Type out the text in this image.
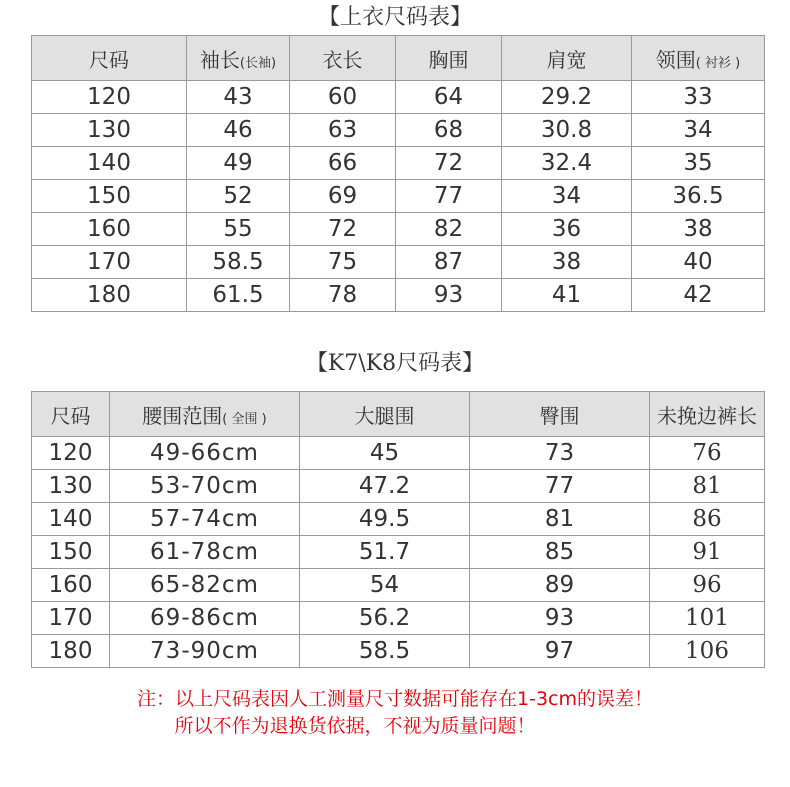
【上衣尺码表】
尺码	袖长(长袖)	衣长	胸围	肩宽	领围( 衬衫 )
120	43	60	64	29.2	33
130	46	63	68	30.8	34
140	49	66	72	32.4	35
150	52	69	77	34	36.5
160	55	72	82	36	38
170	58.5	75	87	38	40
180	61.5	78	93	41	42
【K7\K8尺码表】
尺码	腰围范围( 全围 )	大腿围	臀围	未挽边裤长
120	49-66cm	45	73	76
130	53-70cm	47.2	77	81
140	57-74cm	49.5	81	86
150	61-78cm	51.7	85	91
160	65-82cm	54	89	96
170	69-86cm	56.2	93	101
180	73-90cm	58.5	97	106
注：以上尺码表因人工测量尺寸数据可能存在1-3cm的误差！
所以不作为退换货依据，不视为质量问题！
